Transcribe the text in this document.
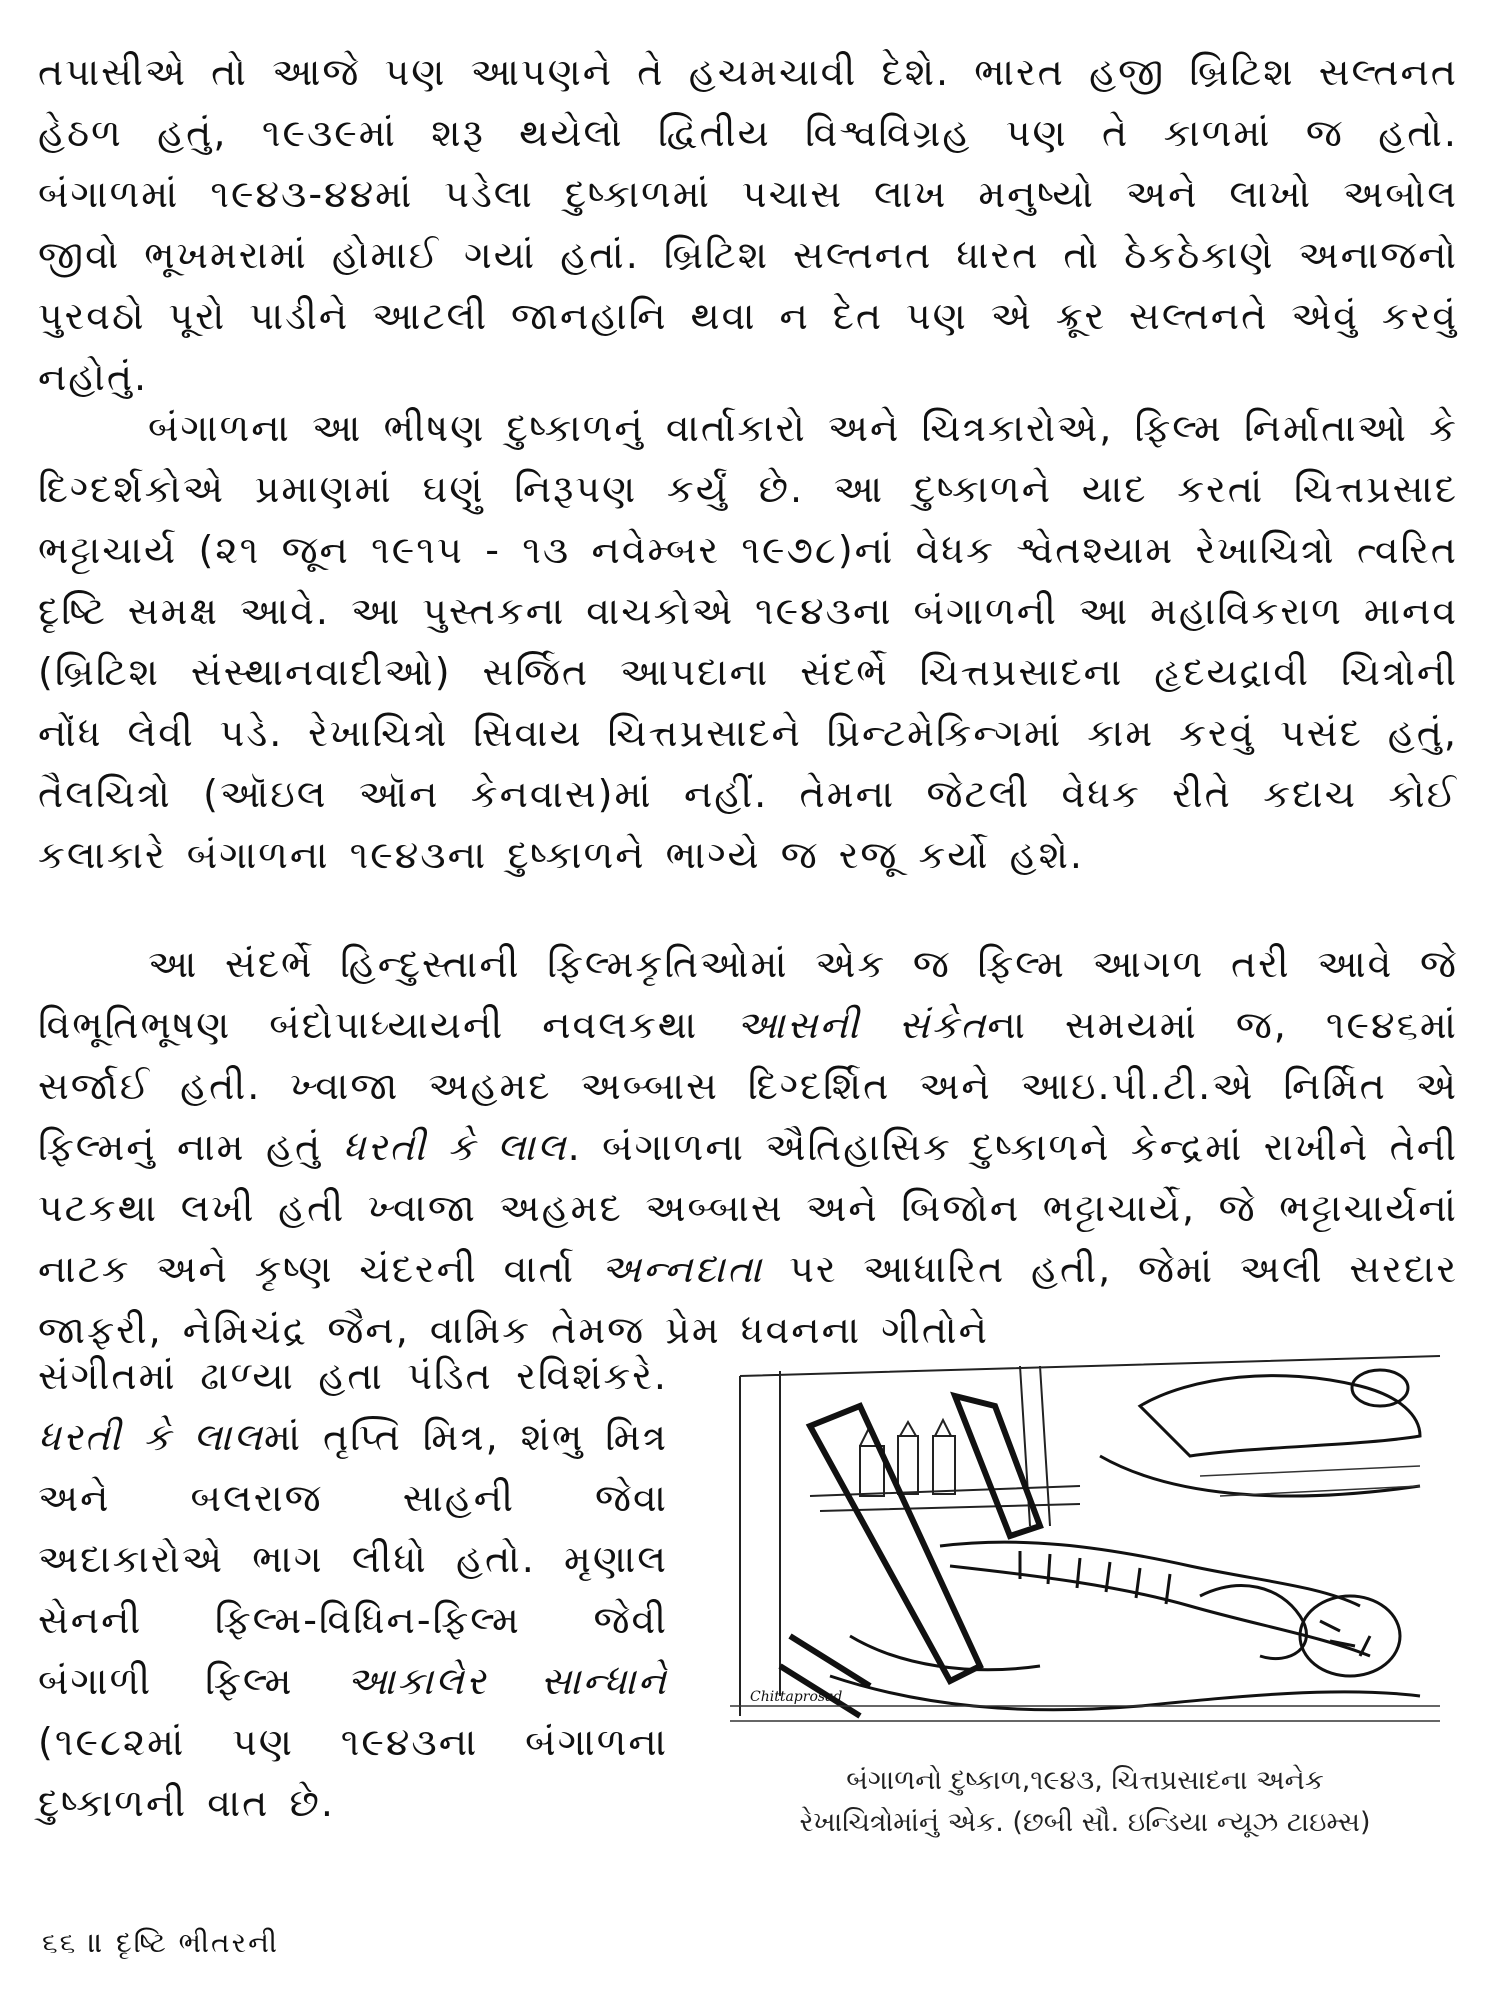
તપાસીએ તો આજે પણ આપણને તે હચમચાવી દેશે. ભારત હજી બ્રિટિશ સલ્તનત હેઠળ હતું, ૧૯૩૯માં શરૂ થયેલો દ્વિતીય વિશ્વવિગ્રહ પણ તે કાળમાં જ હતો. બંગાળમાં ૧૯૪૩-૪૪માં પડેલા દુષ્કાળમાં પચાસ લાખ મનુષ્યો અને લાખો અબોલ જીવો ભૂખમરામાં હોમાઈ ગયાં હતાં. બ્રિટિશ સલ્તનત ધારત તો ઠેકઠેકાણે અનાજનો પુરવઠો પૂરો પાડીને આટલી જાનહાનિ થવા ન દેત પણ એ ક્રૂર સલ્તનતે એવું કરવું નહોતું.
બંગાળના આ ભીષણ દુષ્કાળનું વાર્તાકારો અને ચિત્રકારોએ, ફિલ્મ નિર્માતાઓ કે દિગ્દર્શકોએ પ્રમાણમાં ઘણું નિરૂપણ કર્યું છે. આ દુષ્કાળને યાદ કરતાં ચિત્તપ્રસાદ ભટ્ટાચાર્ય (૨૧ જૂન ૧૯૧૫ - ૧૩ નવેમ્બર ૧૯૭૮)નાં વેધક શ્વેતશ્યામ રેખાચિત્રો ત્વરિત દૃષ્ટિ સમક્ષ આવે. આ પુસ્તકના વાચકોએ ૧૯૪૩ના બંગાળની આ મહાવિકરાળ માનવ (બ્રિટિશ સંસ્થાનવાદીઓ) સર્જિત આપદાના સંદર્ભે ચિત્તપ્રસાદના હૃદયદ્રાવી ચિત્રોની નોંધ લેવી પડે. રેખાચિત્રો સિવાય ચિત્તપ્રસાદને પ્રિન્ટમેકિન્ગમાં કામ કરવું પસંદ હતું, તૈલચિત્રો (ઑઇલ ઑન કેનવાસ)માં નહીં. તેમના જેટલી વેધક રીતે કદાચ કોઈ કલાકારે બંગાળના ૧૯૪૩ના દુષ્કાળને ભાગ્યે જ રજૂ કર્યો હશે.
આ સંદર્ભે હિન્દુસ્તાની ફિલ્મકૃતિઓમાં એક જ ફિલ્મ આગળ તરી આવે જે વિભૂતિભૂષણ બંદોપાધ્યાયની નવલકથા આસની સંકેતના સમયમાં જ, ૧૯૪૬માં સર્જાઈ હતી. ખ્વાજા અહમદ અબ્બાસ દિગ્દર્શિત અને આઇ.પી.ટી.એ નિર્મિત એ ફિલ્મનું નામ હતું ધરતી કે લાલ. બંગાળના ઐતિહાસિક દુષ્કાળને કેન્દ્રમાં રાખીને તેની પટકથા લખી હતી ખ્વાજા અહમદ અબ્બાસ અને બિજોન ભટ્ટાચાર્યે, જે ભટ્ટાચાર્યનાં નાટક અને કૃષ્ણ ચંદરની વાર્તા અન્નદાતા પર આધારિત હતી, જેમાં અલી સરદાર જાફરી, નેમિચંદ્ર જૈન, વામિક તેમજ પ્રેમ ધવનના ગીતોને
સંગીતમાં ઢાળ્યા હતા પંડિત રવિશંકરે. ધરતી કે લાલમાં તૃપ્તિ મિત્ર, શંભુ મિત્ર અને બલરાજ સાહની જેવા અદાકારોએ ભાગ લીધો હતો. મૃણાલ સેનની ફિલ્મ-વિધિન-ફિલ્મ જેવી બંગાળી ફિલ્મ આકાલેર સાન્ધાને (૧૯૮૨માં પણ ૧૯૪૩ના બંગાળના દુષ્કાળની વાત છે.
Chittaprosad
બંગાળનો દુષ્કાળ,૧૯૪૩, ચિત્તપ્રસાદના અનેક
રેખાચિત્રોમાંનું એક. (છબી સૌ. ઇન્ડિયા ન્યૂઝ ટાઇમ્સ)
૬૬ ॥ દૃષ્ટિ ભીતરની
